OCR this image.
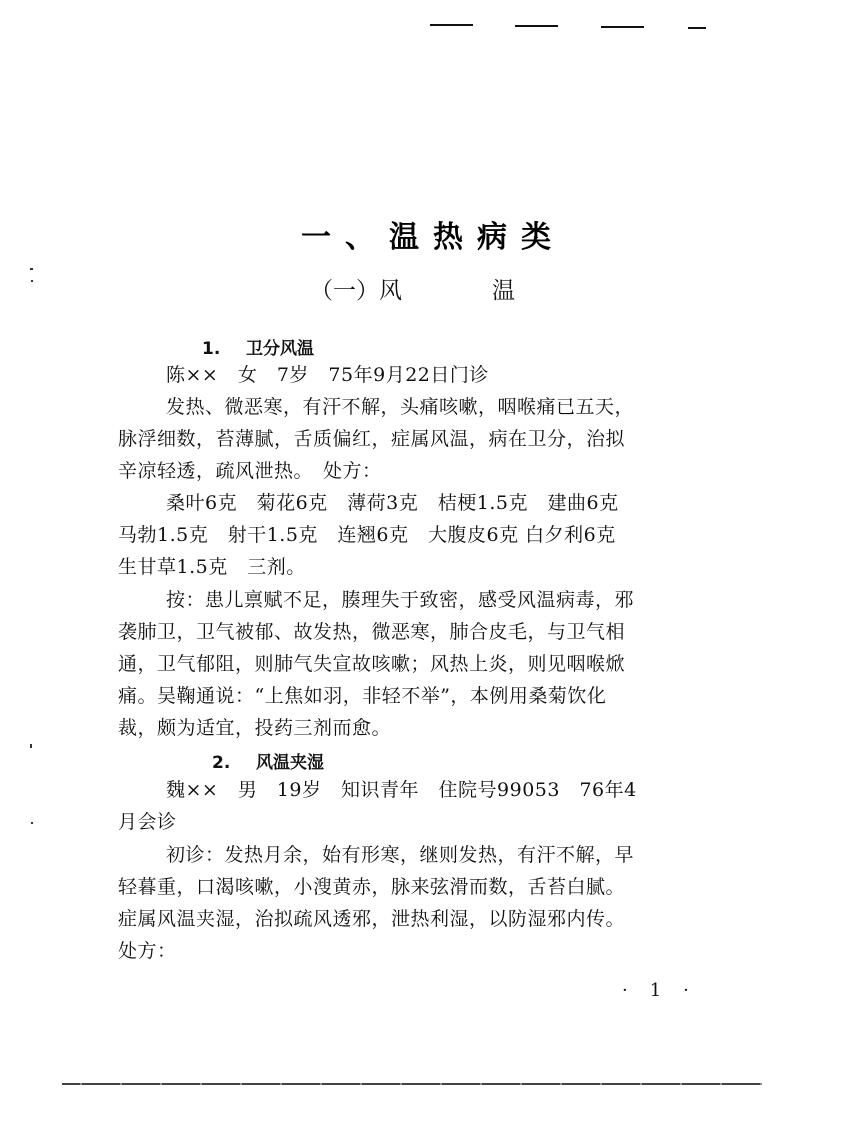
一、温热病类
（一）风	温
1. 卫分风温
陈××　女　7岁　75年9月22日门诊
发热、微恶寒，有汗不解，头痛咳嗽，咽喉痛已五天，
脉浮细数，苔薄腻，舌质偏红，症属风温，病在卫分，治拟
辛凉轻透，疏风泄热。　处方：
桑叶6克　菊花6克　薄荷3克　桔梗1.5克　建曲6克
马勃1.5克　射干1.5克　连翘6克　大腹皮6克 白夕利6克
生甘草1.5克　三剂。
按：患儿禀赋不足，腠理失于致密，感受风温病毒，邪
袭肺卫，卫气被郁、故发热，微恶寒，肺合皮毛，与卫气相
通，卫气郁阻，则肺气失宣故咳嗽；风热上炎，则见咽喉焮
痛。吴鞠通说：“上焦如羽，非轻不举”，本例用桑菊饮化
裁，颇为适宜，投药三剂而愈。
2. 风温夹湿
魏××　男　19岁　知识青年　住院号99053　76年4
月会诊
初诊：发热月余，始有形寒，继则发热，有汗不解，早
轻暮重，口渴咳嗽，小溲黄赤，脉来弦滑而数，舌苔白腻。
症属风温夹湿，治拟疏风透邪，泄热利湿，以防湿邪内传。
处方：
·1·
